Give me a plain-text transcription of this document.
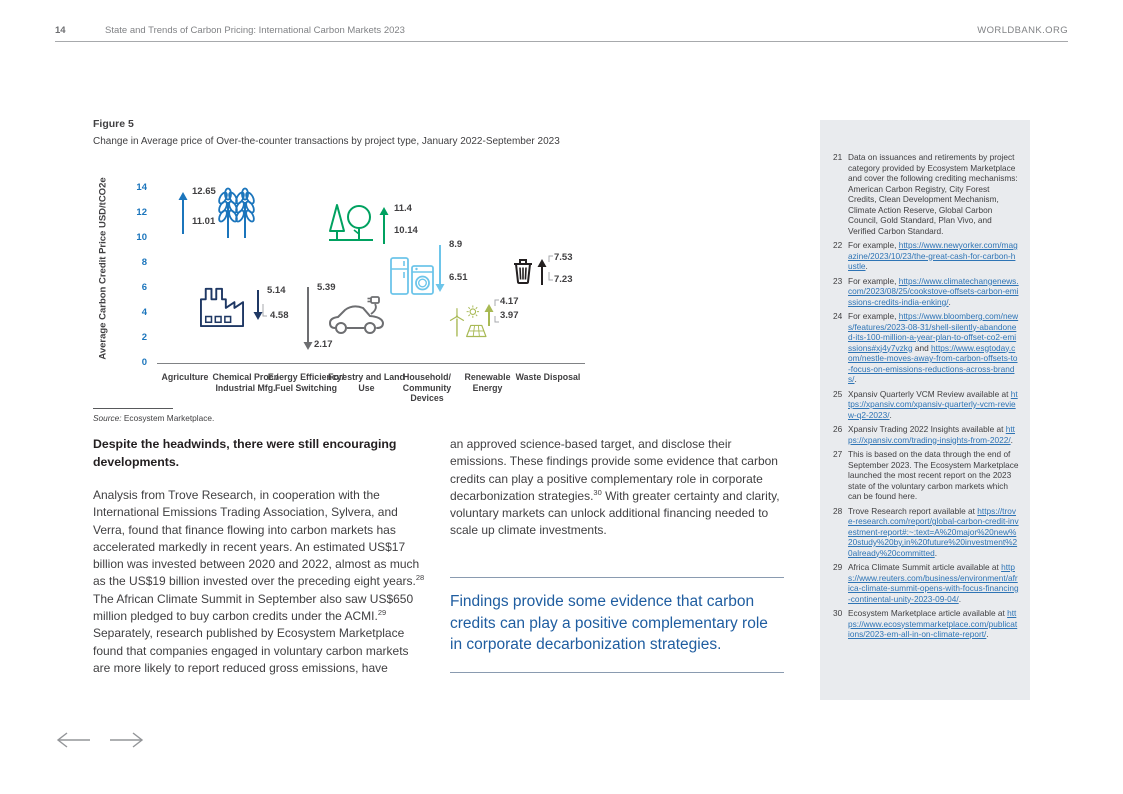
14	State and Trends of Carbon Pricing: International Carbon Markets 2023	WORLDBANK.ORG
Figure 5
Change in Average price of Over-the-counter transactions by project type, January 2022-September 2023
Average Carbon Credit Price USD/tCO2e
0
2
4
6
8
10
12
14
Agriculture Chemical Proc./ Industrial Mfg.
Energy Efficiency/ Fuel Switching
Forestry and Land Use
Household/ Community Devices
Renewable Energy
Waste Disposal
12.65
11.01
5.14
4.58
5.39
2.17
11.4
10.14
8.9
6.51
4.17
3.97
7.53
7.23
Source: Ecosystem Marketplace.
Despite the headwinds, there were still encouraging developments.
Analysis from Trove Research, in cooperation with the International Emissions Trading Association, Sylvera, and Verra, found that finance flowing into carbon markets has accelerated markedly in recent years. An estimated US$17 billion was invested between 2020 and 2022, almost as much as the US$19 billion invested over the preceding eight years.$^{28}$ The African Climate Summit in September also saw US$650 million pledged to buy carbon credits under the ACMI.$^{29}$ Separately, research published by Ecosystem Marketplace found that companies engaged in voluntary carbon markets are more likely to report reduced gross emissions, have
an approved science-based target, and disclose their emissions. These findings provide some evidence that carbon credits can play a positive complementary role in corporate decarbonization strategies.$^{30}$ With greater certainty and clarity, voluntary markets can unlock additional financing needed to scale up climate investments.
Findings provide some evidence that carbon credits can play a positive complementary role in corporate decarbonization strategies.
21 Data on issuances and retirements by project category provided by Ecosystem Marketplace and cover the following crediting mechanisms: American Carbon Registry, City Forest Credits, Clean Development Mechanism, Climate Action Reserve, Global Carbon Council, Gold Standard, Plan Vivo, and Verified Carbon Standard.
22 For example, https://www.newyorker.com/magazine/2023/10/23/the-great-cash-for-carbon-hustle.
23 For example, https://www.climatechangenews.com/2023/08/25/cookstove-offsets-carbon-emissions-credits-india-enking/.
24 For example, https://www.bloomberg.com/news/features/2023-08-31/shell-silently-abandoned-its-100-million-a-year-plan-to-offset-co2-emissions#xj4y7vzkg and https://www.esgtoday.com/nestle-moves-away-from-carbon-offsets-to-focus-on-emissions-reductions-across-brands/.
25 Xpansiv Quarterly VCM Review available at https://xpansiv.com/xpansiv-quarterly-vcm-review-q2-2023/.
26 Xpansiv Trading 2022 Insights available at https://xpansiv.com/trading-insights-from-2022/.
27 This is based on the data through the end of September 2023. The Ecosystem Marketplace launched the most recent report on the 2023 state of the voluntary carbon markets which can be found here.
28 Trove Research report available at https://trove-research.com/report/global-carbon-credit-investment-report#:~:text=A%20major%20new%20study%20by,in%20future%20investment%20already%20committed.
29 Africa Climate Summit article available at https://www.reuters.com/business/environment/africa-climate-summit-opens-with-focus-financing-continental-unity-2023-09-04/.
30 Ecosystem Marketplace article available at https://www.ecosystemmarketplace.com/publications/2023-em-all-in-on-climate-report/.
